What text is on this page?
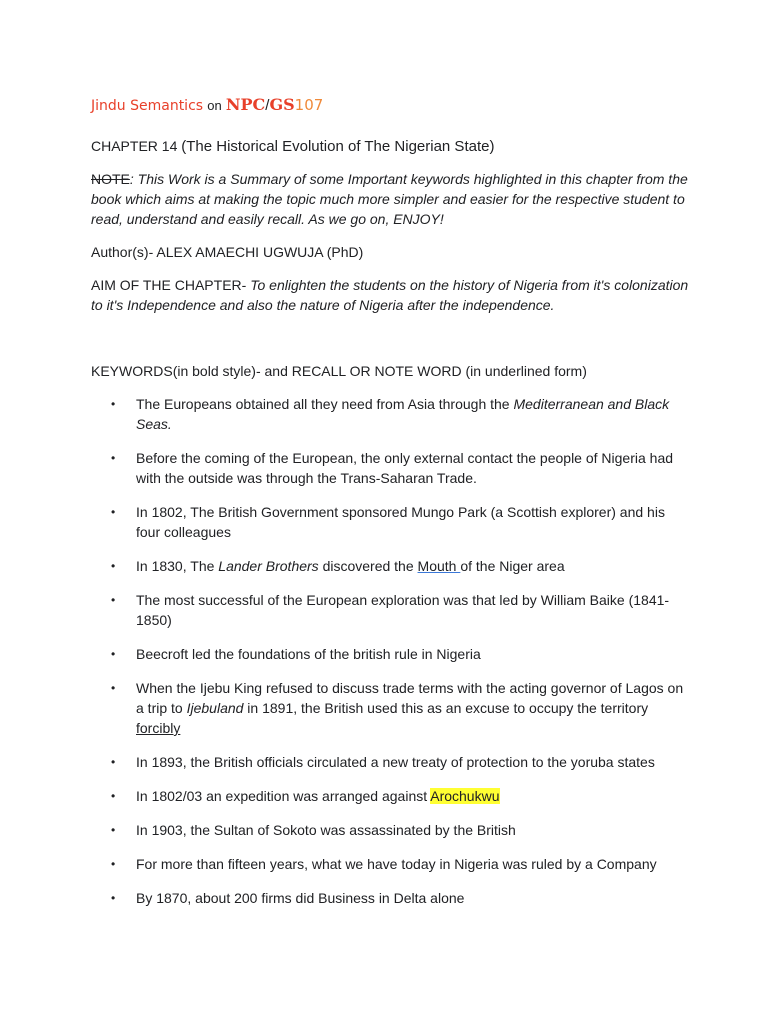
Jindu Semantics on NPC/GS107
CHAPTER 14 (The Historical Evolution of The Nigerian State)
NOTE: This Work is a Summary of some Important keywords highlighted in this chapter from the book which aims at making the topic much more simpler and easier for the respective student to read, understand and easily recall. As we go on, ENJOY!
Author(s)- ALEX AMAECHI UGWUJA (PhD)
AIM OF THE CHAPTER- To enlighten the students on the history of Nigeria from it's colonization to it's Independence and also the nature of Nigeria after the independence.
KEYWORDS(in bold style)- and RECALL OR NOTE WORD (in underlined form)
• The Europeans obtained all they need from Asia through the Mediterranean and Black Seas.
• Before the coming of the European, the only external contact the people of Nigeria had with the outside was through the Trans-Saharan Trade.
• In 1802, The British Government sponsored Mungo Park (a Scottish explorer) and his four colleagues
• In 1830, The Lander Brothers discovered the Mouth of the Niger area
• The most successful of the European exploration was that led by William Baike (1841-1850)
• Beecroft led the foundations of the british rule in Nigeria
• When the Ijebu King refused to discuss trade terms with the acting governor of Lagos on a trip to Ijebuland in 1891, the British used this as an excuse to occupy the territory forcibly
• In 1893, the British officials circulated a new treaty of protection to the yoruba states
• In 1802/03 an expedition was arranged against Arochukwu
• In 1903, the Sultan of Sokoto was assassinated by the British
• For more than fifteen years, what we have today in Nigeria was ruled by a Company
• By 1870, about 200 firms did Business in Delta alone
